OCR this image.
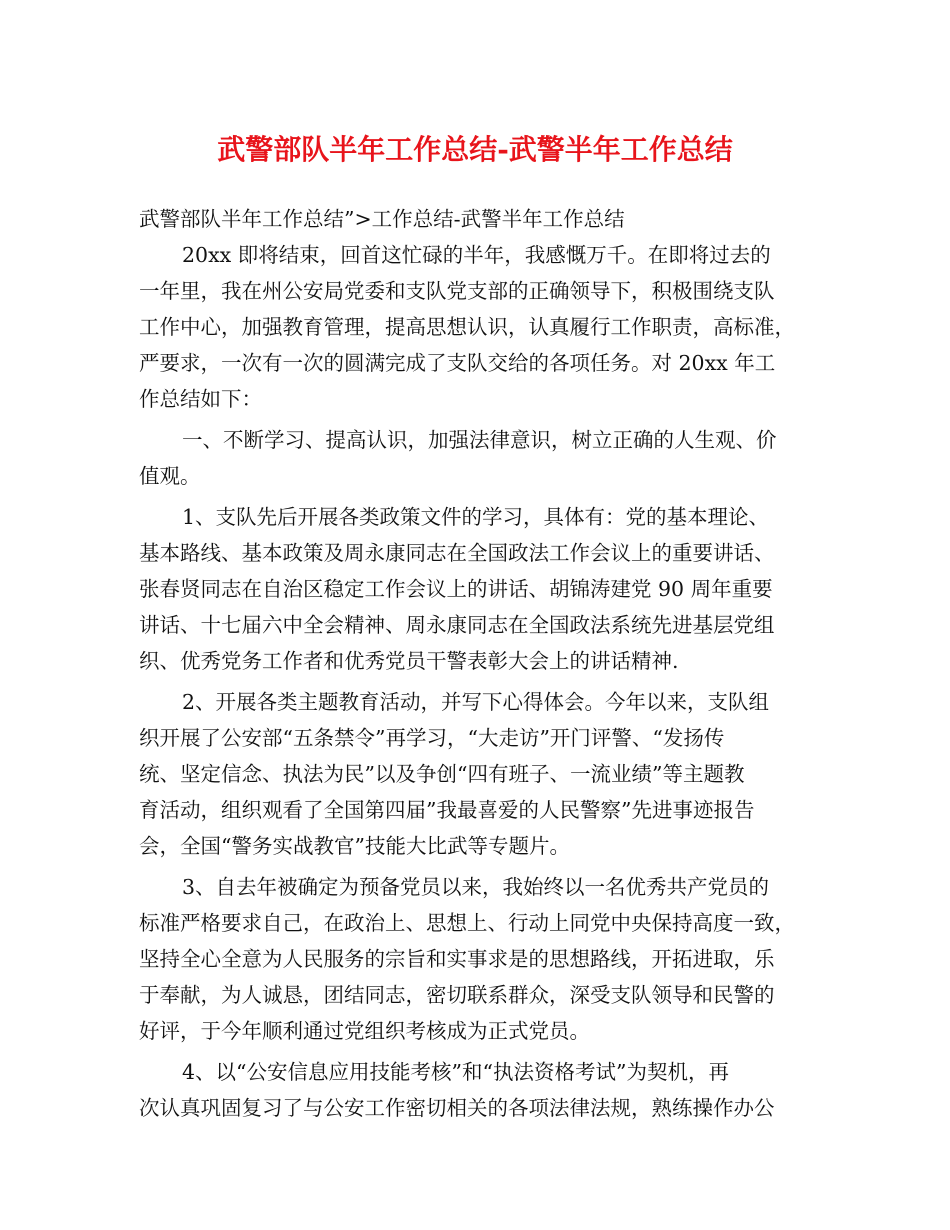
武警部队半年工作总结-武警半年工作总结
武警部队半年工作总结”>工作总结-武警半年工作总结
20xx 即将结束，回首这忙碌的半年，我感慨万千。在即将过去的
一年里，我在州公安局党委和支队党支部的正确领导下，积极围绕支队
工作中心，加强教育管理，提高思想认识，认真履行工作职责，高标准，
严要求，一次有一次的圆满完成了支队交给的各项任务。对 20xx 年工
作总结如下：
一、不断学习、提高认识，加强法律意识，树立正确的人生观、价
值观。
1、支队先后开展各类政策文件的学习，具体有：党的基本理论、
基本路线、基本政策及周永康同志在全国政法工作会议上的重要讲话、
张春贤同志在自治区稳定工作会议上的讲话、胡锦涛建党 90 周年重要
讲话、十七届六中全会精神、周永康同志在全国政法系统先进基层党组
织、优秀党务工作者和优秀党员干警表彰大会上的讲话精神.
2、开展各类主题教育活动，并写下心得体会。今年以来，支队组
织开展了公安部“五条禁令”再学习，“大走访”开门评警、“发扬传
统、坚定信念、执法为民”以及争创“四有班子、一流业绩”等主题教
育活动，组织观看了全国第四届”我最喜爱的人民警察”先进事迹报告
会，全国“警务实战教官”技能大比武等专题片。
3、自去年被确定为预备党员以来，我始终以一名优秀共产党员的
标准严格要求自己，在政治上、思想上、行动上同党中央保持高度一致，
坚持全心全意为人民服务的宗旨和实事求是的思想路线，开拓进取，乐
于奉献，为人诚恳，团结同志，密切联系群众，深受支队领导和民警的
好评，于今年顺利通过党组织考核成为正式党员。
4、以“公安信息应用技能考核”和“执法资格考试”为契机，再
次认真巩固复习了与公安工作密切相关的各项法律法规，熟练操作办公
